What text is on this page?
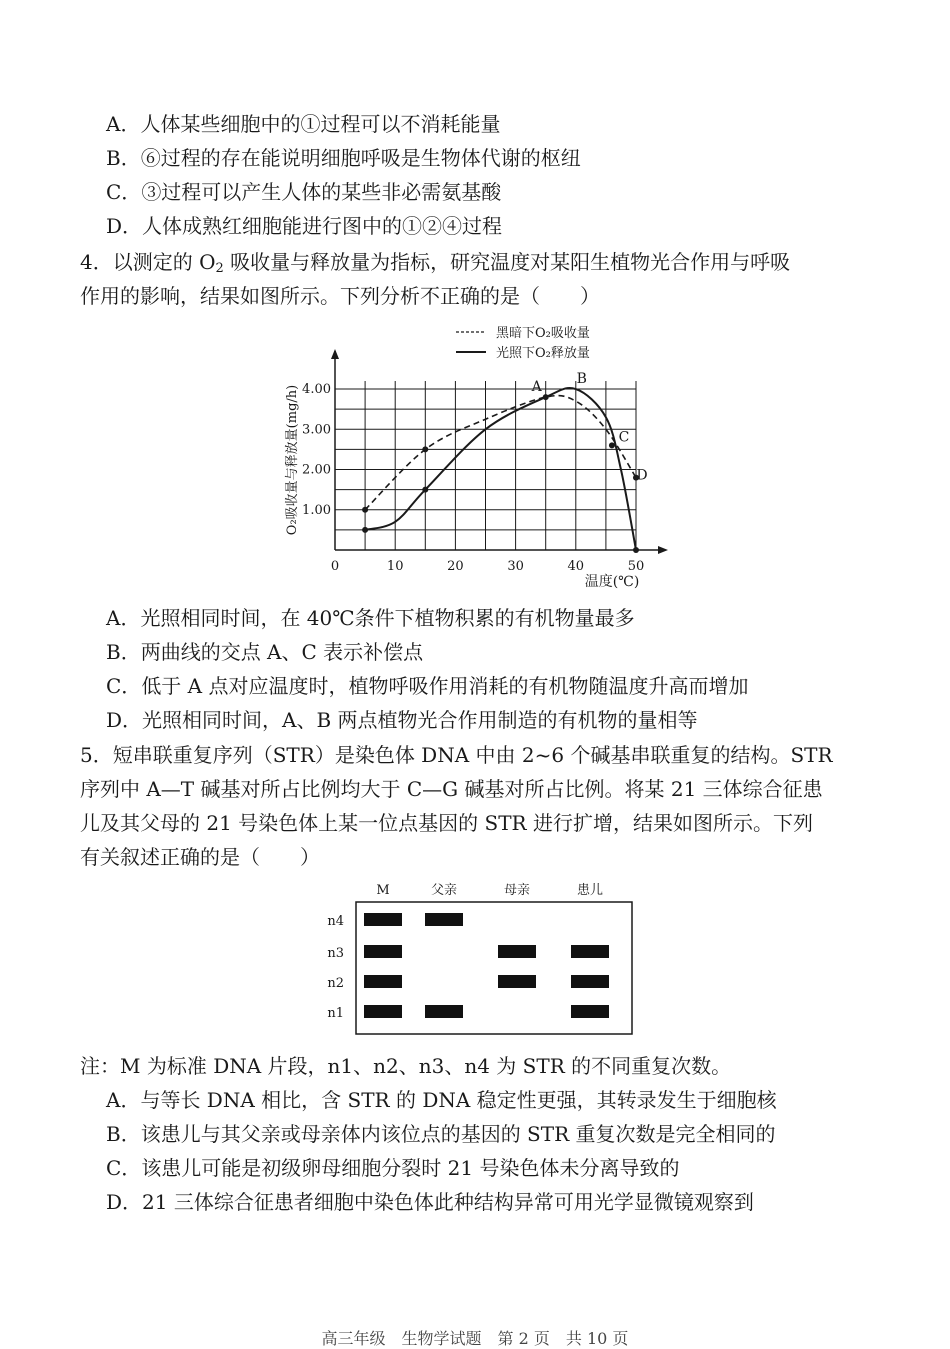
A．人体某些细胞中的①过程可以不消耗能量
B．⑥过程的存在能说明细胞呼吸是生物体代谢的枢纽
C．③过程可以产生人体的某些非必需氨基酸
D．人体成熟红细胞能进行图中的①②④过程
4．以测定的 $O_2$ 吸收量与释放量为指标，研究温度对某阳生植物光合作用与呼吸
作用的影响，结果如图所示。下列分析不正确的是（　　）
0	10	20	30	40	50
1.00
2.00
3.00
4.00	A
B
C
D
黑暗下O₂吸收量
光照下O₂释放量
O₂吸收量与释放量(mg/h)
温度(℃)
A．光照相同时间，在 40℃条件下植物积累的有机物量最多
B．两曲线的交点 A、C 表示补偿点
C．低于 A 点对应温度时，植物呼吸作用消耗的有机物随温度升高而增加
D．光照相同时间，A、B 两点植物光合作用制造的有机物的量相等
5．短串联重复序列（STR）是染色体 DNA 中由 2~6 个碱基串联重复的结构。STR
序列中 A—T 碱基对所占比例均大于 C—G 碱基对所占比例。将某 21 三体综合征患
儿及其父母的 21 号染色体上某一位点基因的 STR 进行扩增，结果如图所示。下列
有关叙述正确的是（　　）
M	父亲	母亲	患儿
n4
n3
n2
n1
注：M 为标准 DNA 片段，n1、n2、n3、n4 为 STR 的不同重复次数。
A．与等长 DNA 相比，含 STR 的 DNA 稳定性更强，其转录发生于细胞核
B．该患儿与其父亲或母亲体内该位点的基因的 STR 重复次数是完全相同的
C．该患儿可能是初级卵母细胞分裂时 21 号染色体未分离导致的
D．21 三体综合征患者细胞中染色体此种结构异常可用光学显微镜观察到
高三年级　生物学试题　第 2 页　共 10 页
